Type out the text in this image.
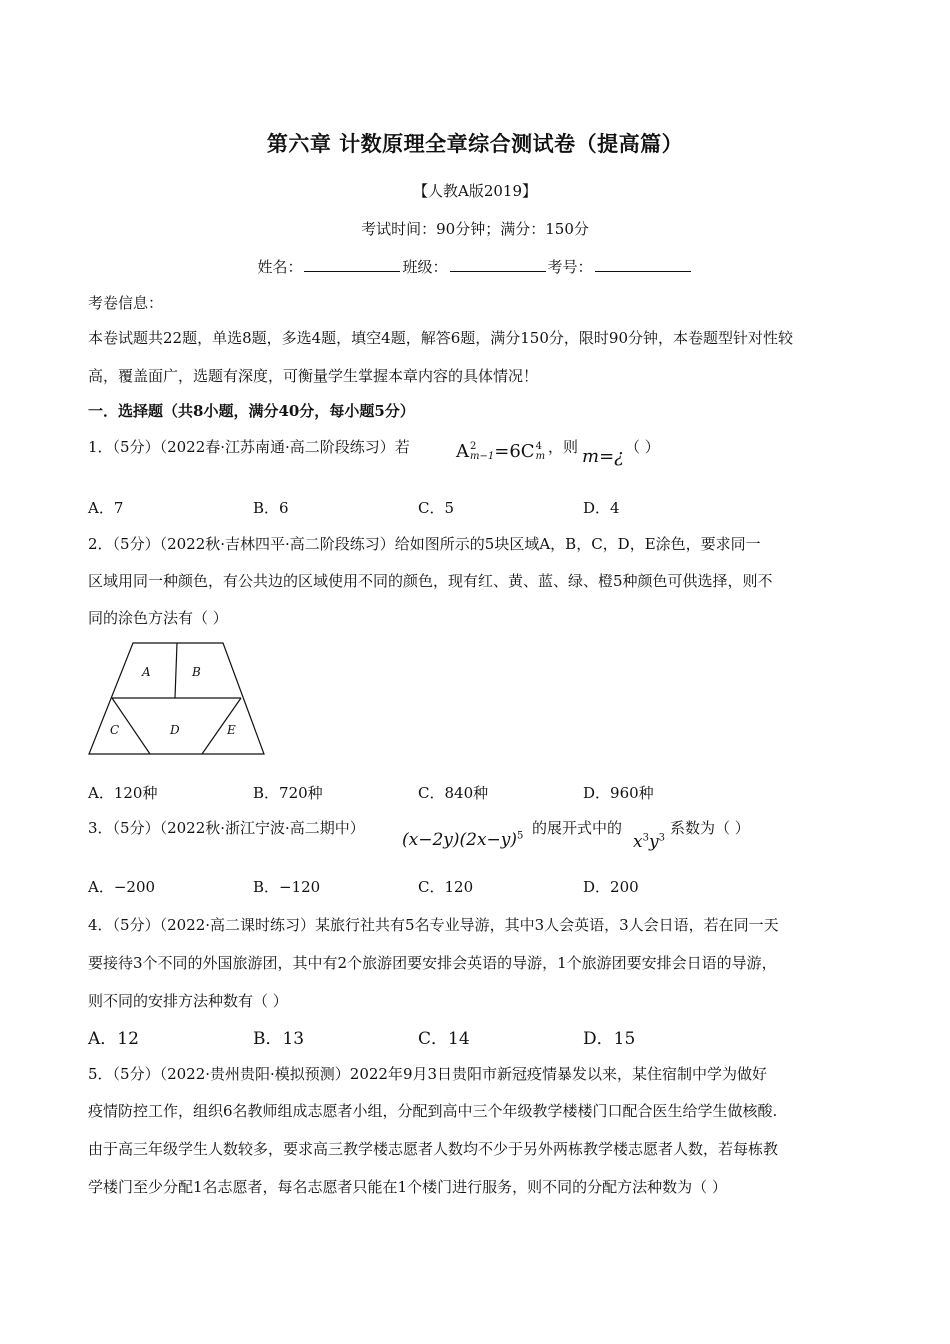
第六章 计数原理全章综合测试卷（提高篇）
【人教A版2019】
考试时间：90分钟；满分：150分
姓名：	班级：	考号：
考卷信息：
本卷试题共22题，单选8题，多选4题，填空4题，解答6题，满分150分，限时90分钟，本卷题型针对性较
高，覆盖面广，选题有深度，可衡量学生掌握本章内容的具体情况！
一．选择题（共8小题，满分40分，每小题5分）
1．（5分）（2022春·江苏南通·高二阶段练习）若	A 2
m−1 =6C 4
m
，则 m=¿ （ ）
A．7	B．6	C．5	D．4
2．（5分）（2022秋·吉林四平·高二阶段练习）给如图所示的5块区域A，B，C，D，E涂色，要求同一
区域用同一种颜色，有公共边的区域使用不同的颜色，现有红、黄、蓝、绿、橙5种颜色可供选择，则不
同的涂色方法有（ ）
A	B
C	D	E
A．120种	B．720种	C．840种	D．960种
3．（5分）（2022秋·浙江宁波·高二期中）
$(x-2y)(2x-y)^5$ 的展开式中的
$x^3y^3$
系数为（ ）
A．−200	B．−120	C．120	D．200
4．（5分）（2022·高二课时练习）某旅行社共有5名专业导游，其中3人会英语，3人会日语，若在同一天
要接待3个不同的外国旅游团，其中有2个旅游团要安排会英语的导游，1个旅游团要安排会日语的导游，
则不同的安排方法种数有（ ）
A．12	B．13	C．14	D．15
5．（5分）（2022·贵州贵阳·模拟预测）2022年9月3日贵阳市新冠疫情暴发以来，某住宿制中学为做好
疫情防控工作，组织6名教师组成志愿者小组，分配到高中三个年级教学楼楼门口配合医生给学生做核酸.
由于高三年级学生人数较多，要求高三教学楼志愿者人数均不少于另外两栋教学楼志愿者人数，若每栋教
学楼门至少分配1名志愿者，每名志愿者只能在1个楼门进行服务，则不同的分配方法种数为（ ）
